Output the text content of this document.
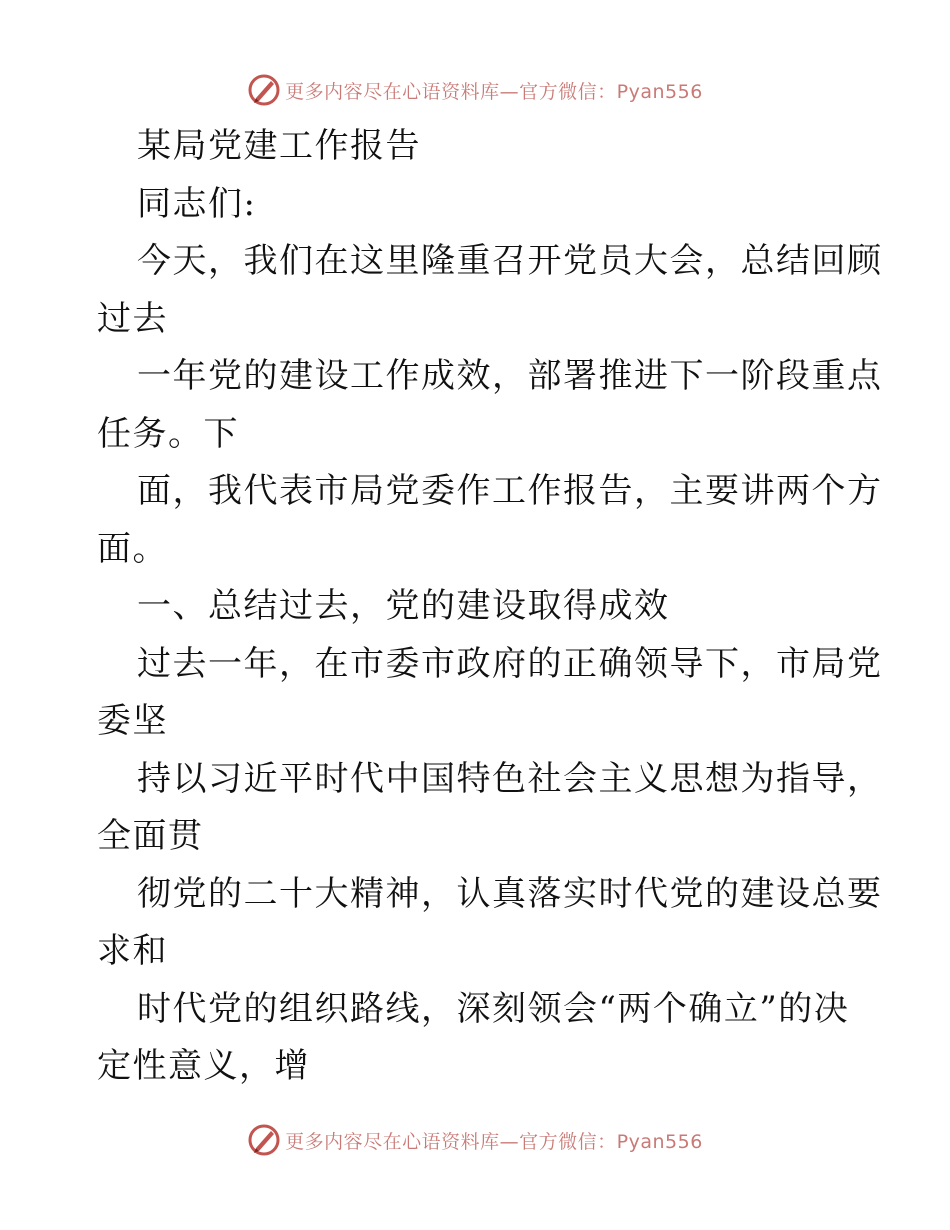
更多内容尽在心语资料库—官方微信：Pyan556
某局党建工作报告
同志们:
今天，我们在这里隆重召开党员大会，总结回顾
过去
一年党的建设工作成效，部署推进下一阶段重点
任务。下
面，我代表市局党委作工作报告，主要讲两个方
面。
一、总结过去，党的建设取得成效
过去一年，在市委市政府的正确领导下，市局党
委坚
持以习近平时代中国特色社会主义思想为指导，
全面贯
彻党的二十大精神，认真落实时代党的建设总要
求和
时代党的组织路线，深刻领会“两个确立”的决
定性意义，增
更多内容尽在心语资料库—官方微信：Pyan556
